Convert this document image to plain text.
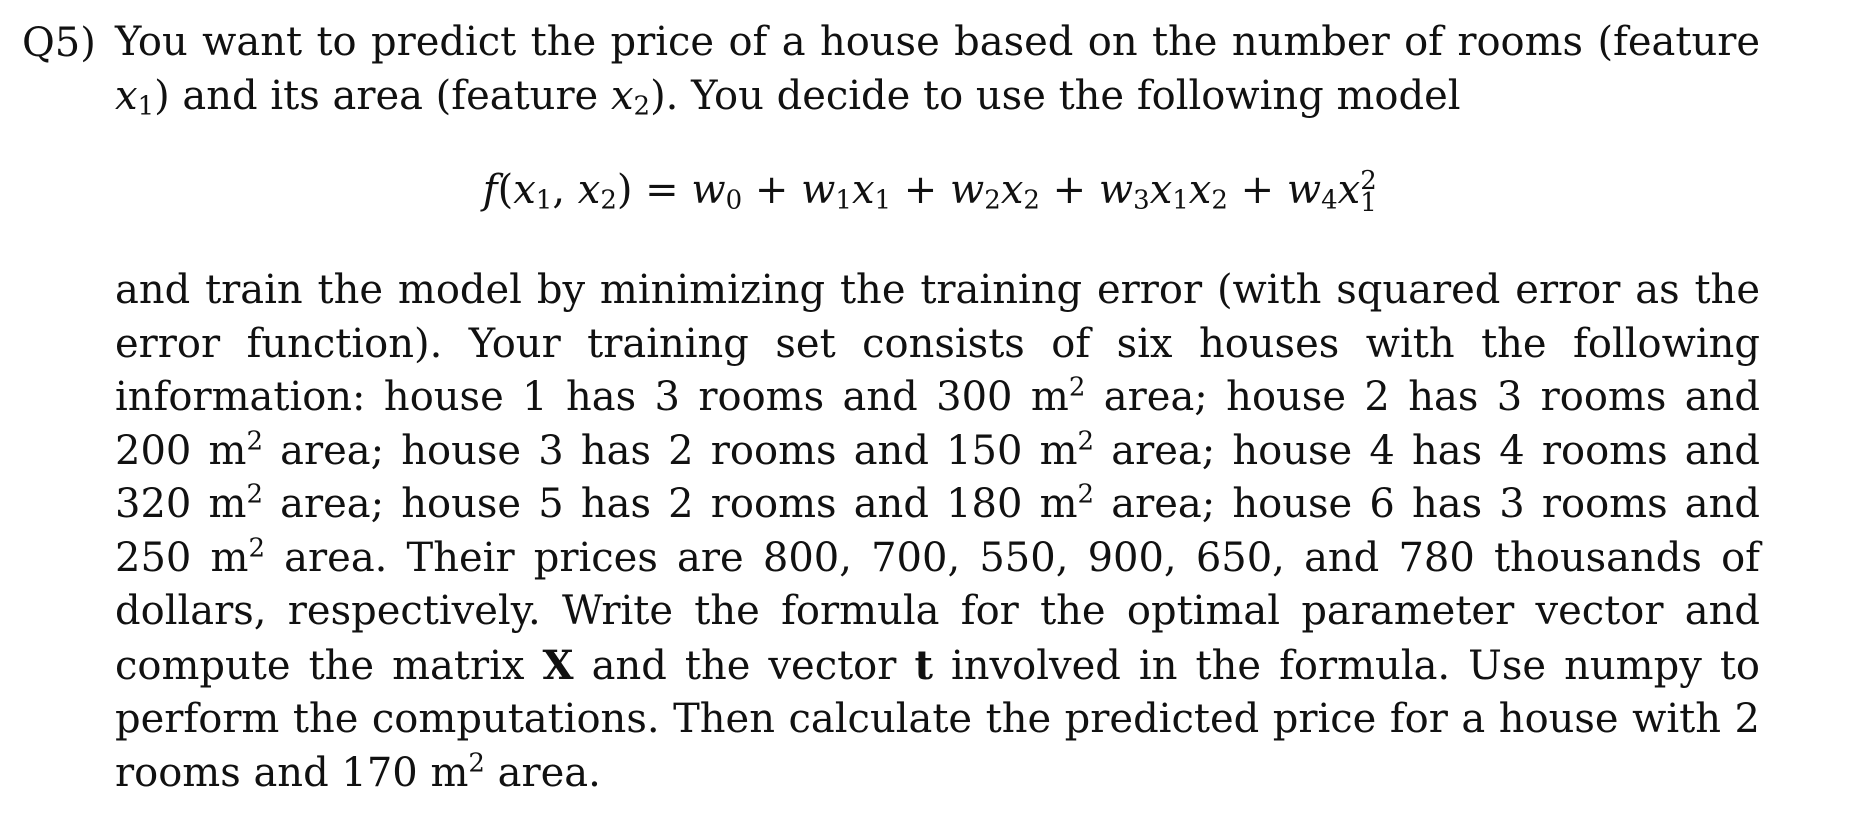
Q5) You want to predict the price of a house based on the number of rooms (feature $x_1$) and its area (feature $x_2$). You decide to use the following model
$f(x_1$, $x_2) = w_0 + w_1x_1 + w_2x_2 + w_3x_1x_2 + w_4x$ 2
1
and train the model by minimizing the training error (with squared error as the error function). Your training set consists of six houses with the following information: house 1 has 3 rooms and 300 $m^2$ area; house 2 has 3 rooms and 200 $m^2$ area; house 3 has 2 rooms and 150 $m^2$ area; house 4 has 4 rooms and 320 $m^2$ area; house 5 has 2 rooms and 180 $m^2$ area; house 6 has 3 rooms and 250 $m^2$ area. Their prices are 800, 700, 550, 900, 650, and 780 thousands of dollars, respectively. Write the formula for the optimal parameter vector and compute the matrix X and the vector t involved in the formula. Use numpy to perform the computations. Then calculate the predicted price for a house with 2 rooms and 170 $m^2$ area.
